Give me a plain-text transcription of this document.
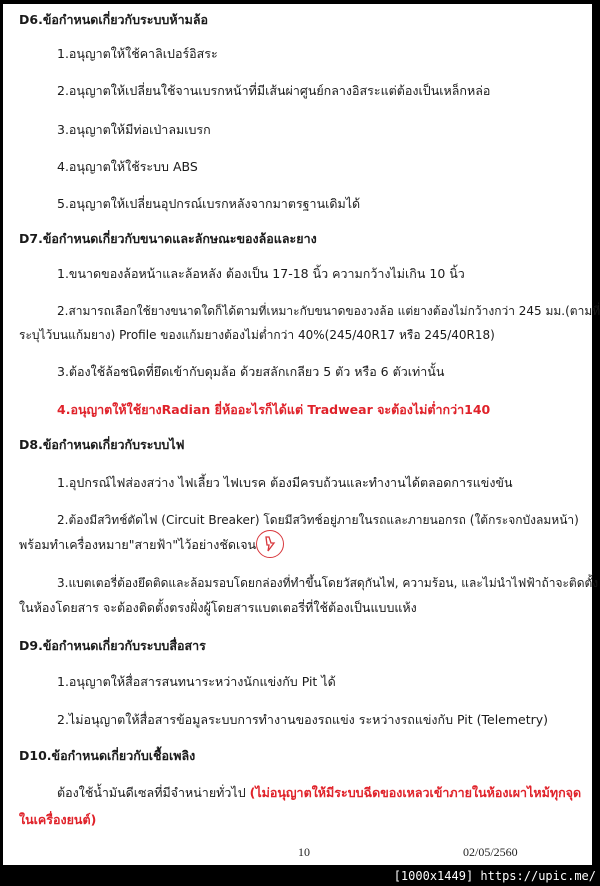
D6.ข้อกำหนดเกี่ยวกับระบบห้ามล้อ
1.อนุญาตให้ใช้คาลิเปอร์อิสระ
2.อนุญาตให้เปลี่ยนใช้จานเบรกหน้าที่มีเส้นผ่าศูนย์กลางอิสระแต่ต้องเป็นเหล็กหล่อ
3.อนุญาตให้มีท่อเป่าลมเบรก
4.อนุญาตให้ใช้ระบบ ABS
5.อนุญาตให้เปลี่ยนอุปกรณ์เบรกหลังจากมาตรฐานเดิมได้
D7.ข้อกำหนดเกี่ยวกับขนาดและลักษณะของล้อและยาง
1.ขนาดของล้อหน้าและล้อหลัง ต้องเป็น 17-18 นิ้ว ความกว้างไม่เกิน 10 นิ้ว
2.สามารถเลือกใช้ยางขนาดใดก็ได้ตามที่เหมาะกับขนาดของวงล้อ แต่ยางต้องไม่กว้างกว่า 245 มม.(ตามที่
ระบุไว้บนแก้มยาง) Profile ของแก้มยางต้องไม่ต่ำกว่า 40%(245/40R17 หรือ 245/40R18)
3.ต้องใช้ล้อชนิดที่ยึดเข้ากับดุมล้อ ด้วยสลักเกลียว 5 ตัว หรือ 6 ตัวเท่านั้น
4.อนุญาตให้ใช้ยางRadian ยี่ห้ออะไรก็ได้แต่ Tradwear จะต้องไม่ต่ำกว่า140
D8.ข้อกำหนดเกี่ยวกับระบบไฟ
1.อุปกรณ์ไฟส่องสว่าง ไฟเลี้ยว ไฟเบรค ต้องมีครบถ้วนและทำงานได้ตลอดการแข่งขัน
2.ต้องมีสวิทช์ตัดไฟ (Circuit Breaker) โดยมีสวิทช์อยู่ภายในรถและภายนอกรถ (ใต้กระจกบังลมหน้า)
พร้อมทำเครื่องหมาย"สายฟ้า"ไว้อย่างชัดเจน
3.แบตเตอรี่ต้องยึดติดและล้อมรอบโดยกล่องที่ทำขึ้นโดยวัสดุกันไฟ, ความร้อน, และไม่นำไฟฟ้าถ้าจะติดตั้ง
ในห้องโดยสาร จะต้องติดตั้งตรงฝั่งผู้โดยสารแบตเตอรี่ที่ใช้ต้องเป็นแบบแห้ง
D9.ข้อกำหนดเกี่ยวกับระบบสื่อสาร
1.อนุญาตให้สื่อสารสนทนาระหว่างนักแข่งกับ Pit ได้
2.ไม่อนุญาตให้สื่อสารข้อมูลระบบการทำงานของรถแข่ง ระหว่างรถแข่งกับ Pit (Telemetry)
D10.ข้อกำหนดเกี่ยวกับเชื้อเพลิง
ต้องใช้น้ำมันดีเซลที่มีจำหน่ายทั่วไป (ไม่อนุญาตให้มีระบบฉีดของเหลวเข้าภายในห้องเผาไหม้ทุกจุด
ในเครื่องยนต์)
10	02/05/2560
[1000x1449] https://upic.me/
